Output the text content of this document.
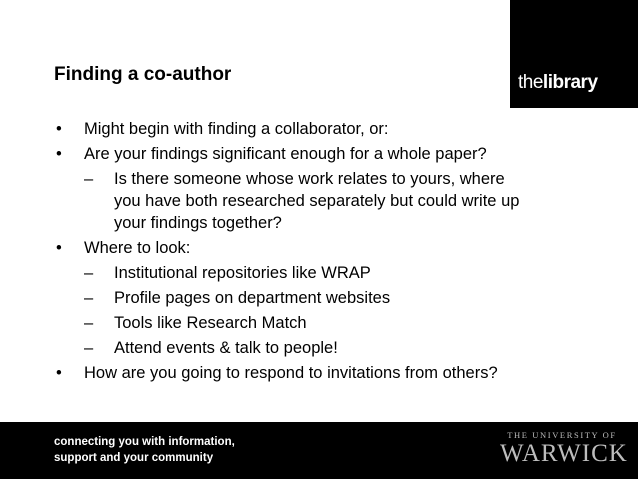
thelibrary
Finding a co-author

• Might begin with finding a collaborator, or:

• Are your findings significant enough for a whole paper?

– Is there someone whose work relates to yours, where you have both researched separately but could write up your findings together?

• Where to look:

– Institutional repositories like WRAP

– Profile pages on department websites

– Tools like Research Match

– Attend events & talk to people!

• How are you going to respond to invitations from others?

connecting you with information,
support and your community
THE UNIVERSITY OF
WARWICK
